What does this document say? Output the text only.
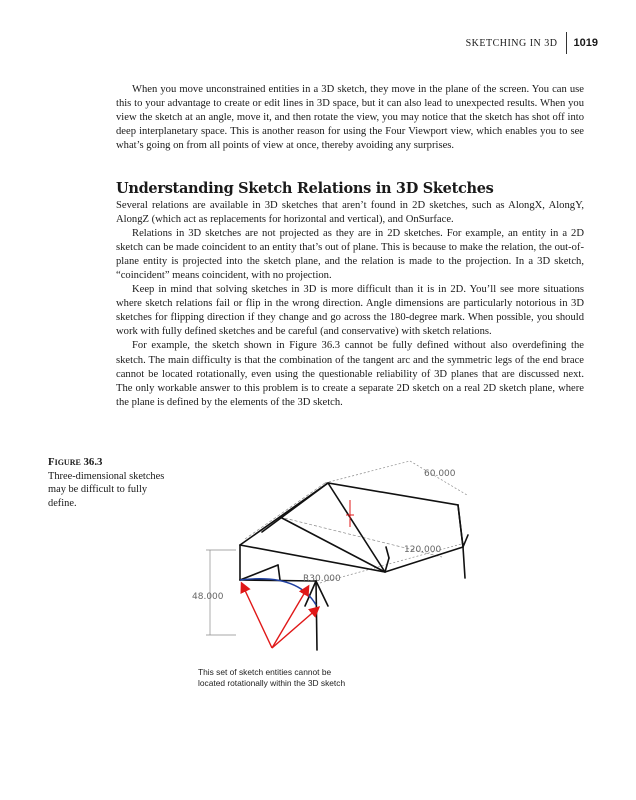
SKETCHING IN 3D 1019

When you move unconstrained entities in a 3D sketch, they move in the plane of the screen. You can use this to your advantage to create or edit lines in 3D space, but it can also lead to unexpected results. When you view the sketch at an angle, move it, and then rotate the view, you may notice that the sketch has shot off into deep interplanetary space. This is another reason for using the Four Viewport view, which enables you to see what’s going on from all points of view at once, thereby avoiding any surprises.

Understanding Sketch Relations in 3D Sketches

Several relations are available in 3D sketches that aren’t found in 2D sketches, such as AlongX, AlongY, AlongZ (which act as replacements for horizontal and vertical), and OnSurface.

Relations in 3D sketches are not projected as they are in 2D sketches. For example, an entity in a 2D sketch can be made coincident to an entity that’s out of plane. This is because to make the relation, the out-of-plane entity is projected into the sketch plane, and the relation is made to the projection. In a 3D sketch, “coincident” means coincident, with no projection.

Keep in mind that solving sketches in 3D is more difficult than it is in 2D. You’ll see more situations where sketch relations fail or flip in the wrong direction. Angle dimensions are particularly notorious in 3D sketches for flipping direction if they change and go across the 180-degree mark. When possible, you should work with fully defined sketches and be careful (and conservative) with sketch relations.

For example, the sketch shown in Figure 36.3 cannot be fully defined without also overdefining the sketch. The main difficulty is that the combination of the tangent arc and the symmetric legs of the end brace cannot be located rotationally, even using the questionable reliability of 3D planes that are discussed next. The only workable answer to this problem is to create a separate 2D sketch on a real 2D sketch plane, where the plane is defined by the elements of the 3D sketch.

Figure 36.3
Three-dimensional sketches may be difficult to fully define.
60.000
120.000
48.000
R30.000
This set of sketch entities cannot be located rotationally within the 3D sketch
